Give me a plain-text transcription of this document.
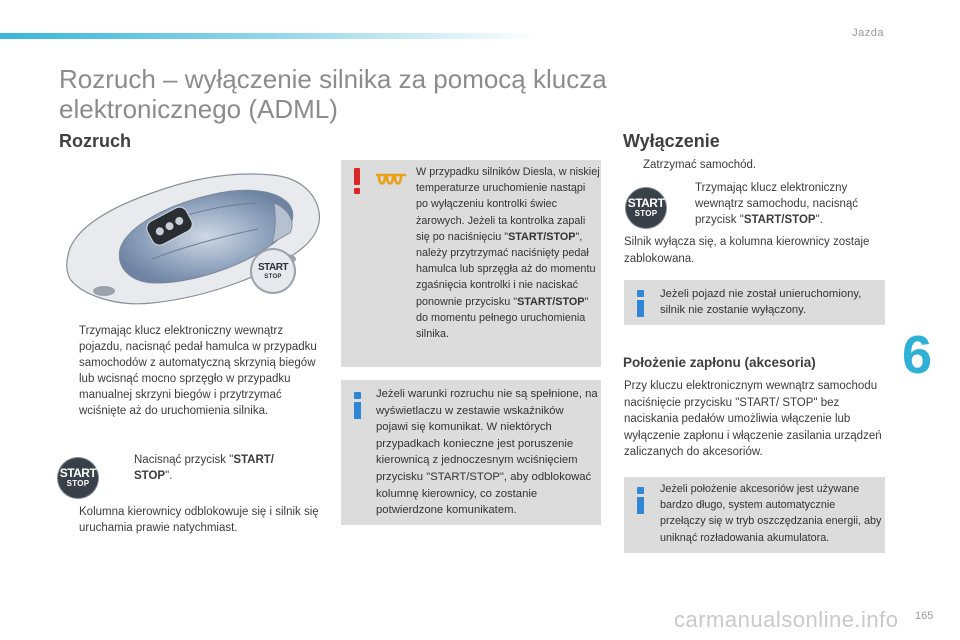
Jazda
Rozruch – wyłączenie silnika za pomocą klucza elektronicznego (ADML)
Rozruch
START
STOP
Trzymając klucz elektroniczny wewnątrz pojazdu, nacisnąć pedał hamulca w przypadku samochodów z automatyczną skrzynią biegów lub wcisnąć mocno sprzęgło w przypadku manualnej skrzyni biegów i przytrzymać wciśnięte aż do uruchomienia silnika.
START
STOP
Nacisnąć przycisk "START/ STOP".
Kolumna kierownicy odblokowuje się i silnik się uruchamia prawie natychmiast.
W przypadku silników Diesla, w niskiej temperaturze uruchomienie nastąpi po wyłączeniu kontrolki świec żarowych. Jeżeli ta kontrolka zapali się po naciśnięciu "START/STOP", należy przytrzymać naciśnięty pedał hamulca lub sprzęgła aż do momentu zgaśnięcia kontrolki i nie naciskać ponownie przycisku "START/STOP" do momentu pełnego uruchomienia silnika.
Jeżeli warunki rozruchu nie są spełnione, na wyświetlaczu w zestawie wskaźników pojawi się komunikat. W niektórych przypadkach konieczne jest poruszenie kierownicą z jednoczesnym wciśnięciem przycisku "START/STOP", aby odblokować kolumnę kierownicy, co zostanie potwierdzone komunikatem.
Wyłączenie
Zatrzymać samochód.
START
STOP
Trzymając klucz elektroniczny wewnątrz samochodu, nacisnąć przycisk "START/STOP".
Silnik wyłącza się, a kolumna kierownicy zostaje zablokowana.
Jeżeli pojazd nie został unieruchomiony, silnik nie zostanie wyłączony.
Położenie zapłonu (akcesoria)
Przy kluczu elektronicznym wewnątrz samochodu naciśnięcie przycisku "START/ STOP" bez naciskania pedałów umożliwia włączenie lub wyłączenie zapłonu i włączenie zasilania urządzeń zaliczanych do akcesoriów.
Jeżeli położenie akcesoriów jest używane bardzo długo, system automatycznie przełączy się w tryb oszczędzania energii, aby uniknąć rozładowania akumulatora.
6
carmanualsonline.info 165
